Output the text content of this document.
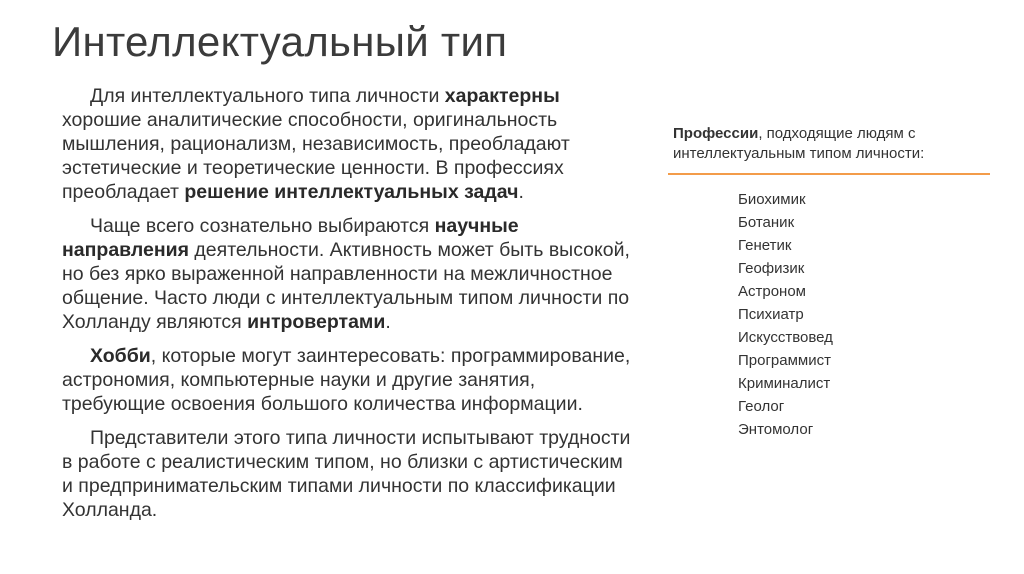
Интеллектуальный тип

Для интеллектуального типа личности характерны хорошие аналитические способности, оригинальность мышления, рационализм, независимость, преобладают эстетические и теоретические ценности. В профессиях преобладает решение интеллектуальных задач.

Чаще всего сознательно выбираются научные направления деятельности. Активность может быть высокой, но без ярко выраженной направленности на межличностное общение. Часто люди с интеллектуальным типом личности по Холланду являются интровертами.

Хобби, которые могут заинтересовать: программирование, астрономия, компьютерные науки и другие занятия, требующие освоения большого количества информации.

Представители этого типа личности испытывают трудности в работе с реалистическим типом, но близки с артистическим и предпринимательским типами личности по классификации Холланда.

Профессии, подходящие людям с интеллектуальным типом личности:
Биохимик
Ботаник
Генетик
Геофизик
Астроном
Психиатр
Искусствовед
Программист
Криминалист
Геолог
Энтомолог
